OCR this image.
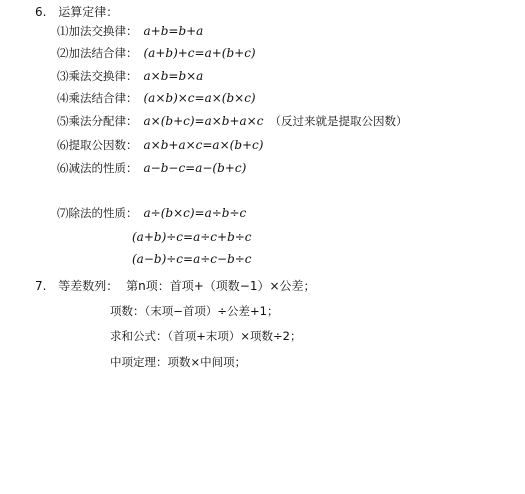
6. 运算定律：
⑴加法交换律： a+b=b+a
⑵加法结合律： (a+b)+c=a+(b+c)
⑶乘法交换律： a×b=b×a
⑷乘法结合律： (a×b)×c=a×(b×c)
⑸乘法分配律： a×(b+c)=a×b+a×c （反过来就是提取公因数）
⑹提取公因数： a×b+a×c=a×(b+c)
⑹减法的性质： a−b−c=a−(b+c)
⑺除法的性质： a÷(b×c)=a÷b÷c
(a+b)÷c=a÷c+b÷c
(a−b)÷c=a÷c−b÷c
7. 等差数列： 第n项：首项+（项数−1）×公差；
项数：（末项−首项）÷公差+1；
求和公式：（首项+末项）×项数÷2；
中项定理：项数×中间项；
